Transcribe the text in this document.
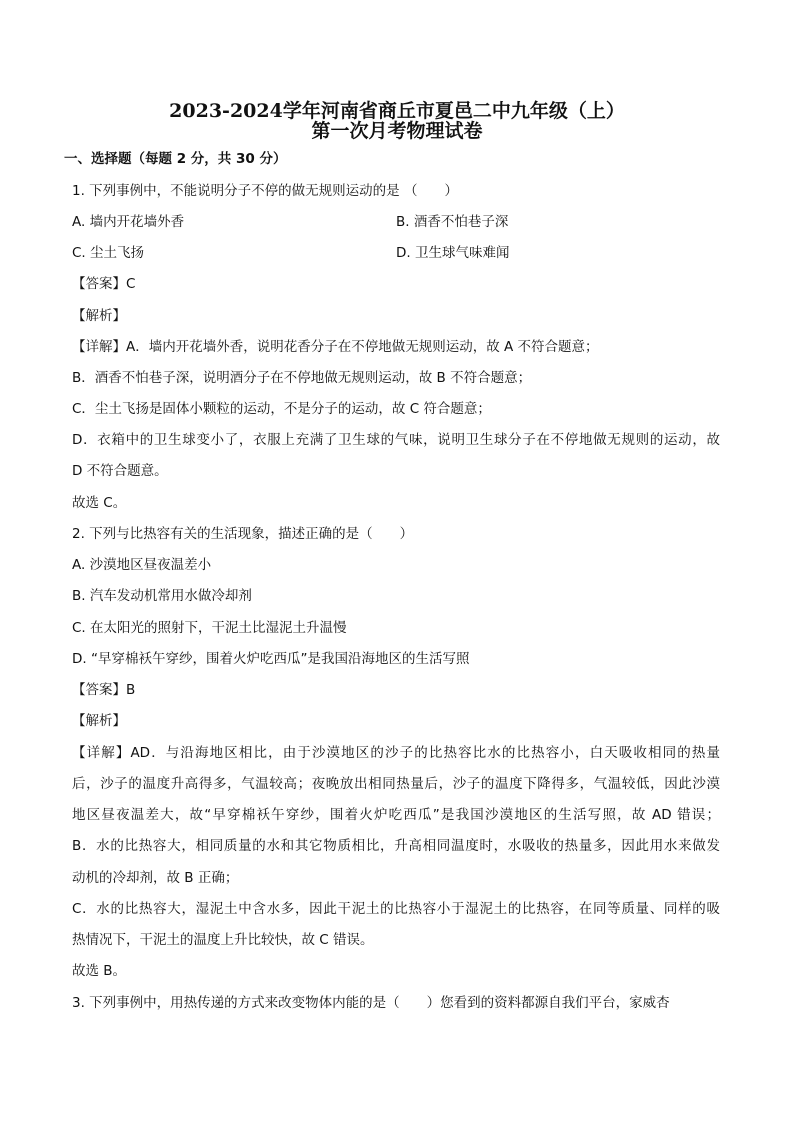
2023-2024学年河南省商丘市夏邑二中九年级（上）
第一次月考物理试卷
一、选择题（每题 2 分，共 30 分）
1. 下列事例中，不能说明分子不停的做无规则运动的是 （　　）
A. 墙内开花墙外香	B. 酒香不怕巷子深
C. 尘土飞扬	D. 卫生球气味难闻
【答案】C
【解析】
【详解】A．墙内开花墙外香，说明花香分子在不停地做无规则运动，故 A 不符合题意；
B．酒香不怕巷子深，说明酒分子在不停地做无规则运动，故 B 不符合题意；
C．尘土飞扬是固体小颗粒的运动，不是分子的运动，故 C 符合题意；
D．衣箱中的卫生球变小了，衣服上充满了卫生球的气味，说明卫生球分子在不停地做无规则的运动，故
D 不符合题意。
故选 C。
2. 下列与比热容有关的生活现象，描述正确的是（　　）
A. 沙漠地区昼夜温差小
B. 汽车发动机常用水做冷却剂
C. 在太阳光的照射下，干泥土比湿泥土升温慢
D. “早穿棉袄午穿纱，围着火炉吃西瓜”是我国沿海地区的生活写照
【答案】B
【解析】
【详解】AD．与沿海地区相比，由于沙漠地区的沙子的比热容比水的比热容小，白天吸收相同的热量
后，沙子的温度升高得多，气温较高；夜晚放出相同热量后，沙子的温度下降得多，气温较低，因此沙漠
地区昼夜温差大，故“早穿棉袄午穿纱，围着火炉吃西瓜”是我国沙漠地区的生活写照，故 AD 错误；
B．水的比热容大，相同质量的水和其它物质相比，升高相同温度时，水吸收的热量多，因此用水来做发
动机的冷却剂，故 B 正确；
C．水的比热容大，湿泥土中含水多，因此干泥土的比热容小于湿泥土的比热容，在同等质量、同样的吸
热情况下，干泥土的温度上升比较快，故 C 错误。
故选 B。
3. 下列事例中，用热传递的方式来改变物体内能的是（　　）您看到的资料都源自我们平台，家威杏
